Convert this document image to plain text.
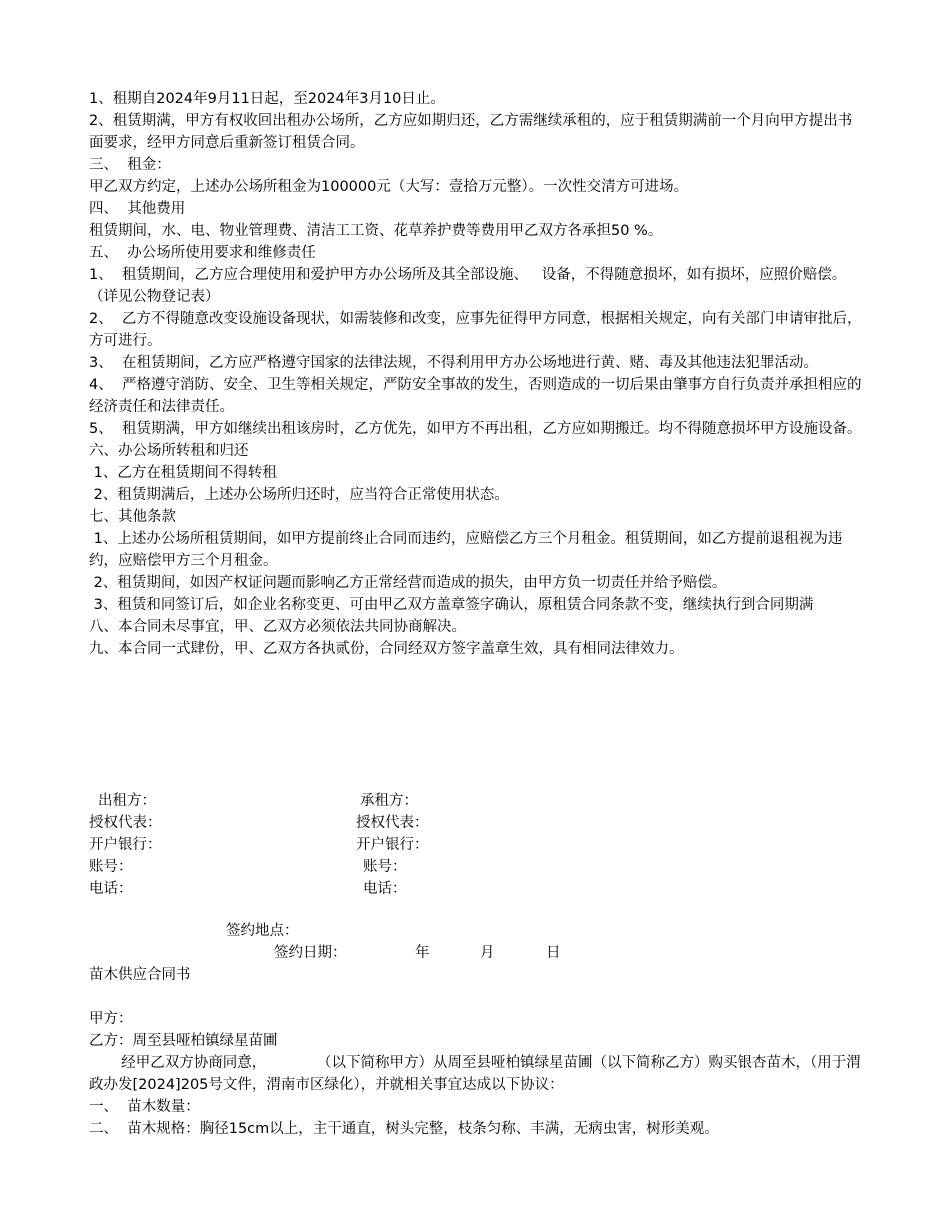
1、租期自2024年9月11日起，至2024年3月10日止。

2、租赁期满，甲方有权收回出租办公场所，乙方应如期归还，乙方需继续承租的，应于租赁期满前一个月向甲方提出书面要求，经甲方同意后重新签订租赁合同。

三、  租金：

甲乙双方约定，上述办公场所租金为100000元（大写：壹拾万元整）。一次性交清方可进场。

四、  其他费用

租赁期间，水、电、物业管理费、清洁工工资、花草养护费等费用甲乙双方各承担50 %。

五、  办公场所使用要求和维修责任

1、  租赁期间，乙方应合理使用和爱护甲方办公场所及其全部设施、   设备，不得随意损坏，如有损坏，应照价赔偿。（详见公物登记表）

2、  乙方不得随意改变设施设备现状，如需装修和改变，应事先征得甲方同意，根据相关规定，向有关部门申请审批后，方可进行。

3、  在租赁期间，乙方应严格遵守国家的法律法规，不得利用甲方办公场地进行黄、赌、毒及其他违法犯罪活动。

4、  严格遵守消防、安全、卫生等相关规定，严防安全事故的发生，否则造成的一切后果由肇事方自行负责并承担相应的经济责任和法律责任。

5、  租赁期满，甲方如继续出租该房时，乙方优先，如甲方不再出租，乙方应如期搬迁。均不得随意损坏甲方设施设备。

六、办公场所转租和归还

1、乙方在租赁期间不得转租

2、租赁期满后，上述办公场所归还时，应当符合正常使用状态。

七、其他条款

1、上述办公场所租赁期间，如甲方提前终止合同而违约，应赔偿乙方三个月租金。租赁期间，如乙方提前退租视为违约，应赔偿甲方三个月租金。

2、租赁期间，如因产权证问题而影响乙方正常经营而造成的损失，由甲方负一切责任并给予赔偿。

3、租赁和同签订后，如企业名称变更、可由甲乙双方盖章签字确认，原租赁合同条款不变，继续执行到合同期满

八、本合同未尽事宜，甲、乙双方必须依法共同协商解决。

九、本合同一式肆份，甲、乙双方各执贰份，合同经双方签字盖章生效，具有相同法律效力。

出租方：	承租方：
授权代表：	授权代表：
开户银行：	开户银行：
账号：	账号：
电话：	电话：
签约地点：
签约日期：	年	月	日

苗木供应合同书

甲方：

乙方：周至县哑柏镇绿星苗圃

经甲乙双方协商同意，           （以下简称甲方）从周至县哑柏镇绿星苗圃（以下简称乙方）购买银杏苗木，（用于渭政办发[2024]205号文件，渭南市区绿化），并就相关事宜达成以下协议：

一、  苗木数量：

二、  苗木规格：胸径15cm以上，主干通直，树头完整，枝条匀称、丰满，无病虫害，树形美观。
